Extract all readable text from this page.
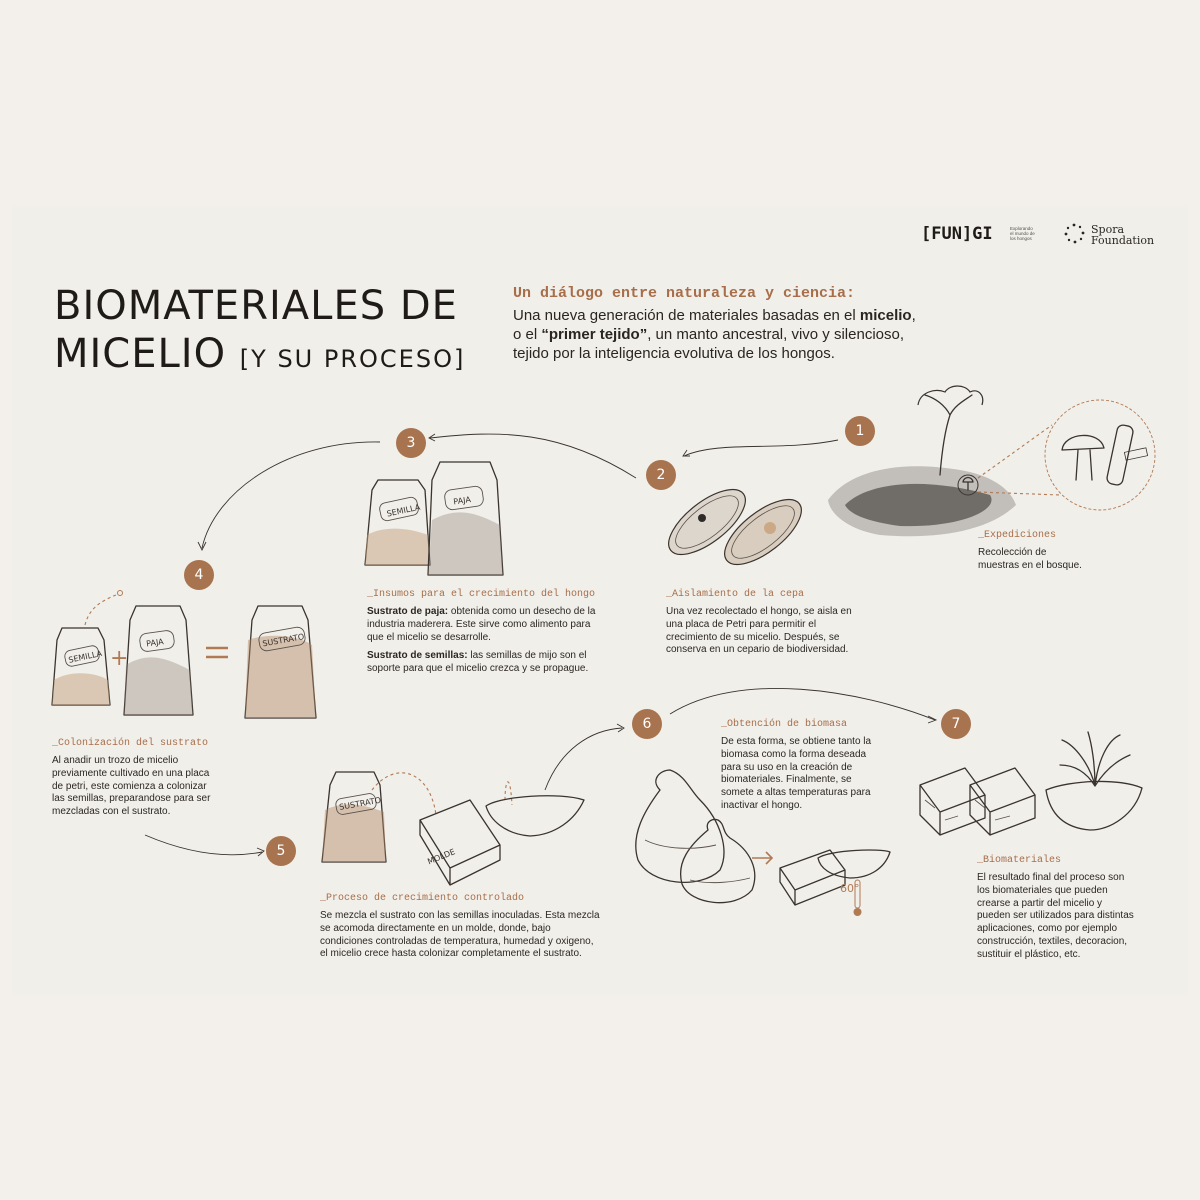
[FUN]GI	Explorando
el mundo de
los hongos
Spora
Foundation
BIOMATERIALES DE
MICELIO [Y SU PROCESO]
Un diálogo entre naturaleza y ciencia:
Una nueva generación de materiales basadas en el micelio,
o el “primer tejido”, un manto ancestral, vivo y silencioso,
tejido por la inteligencia evolutiva de los hongos.
SEMILLA
PAJA
SEMILLA +
PAJA	SUSTRATO
SUSTRATO
MOLDE
60°
1
2
3
4
5
6	7
_Expediciones
Recolección de
muestras en el bosque.
_Aislamiento de la cepa
Una vez recolectado el hongo, se aisla en
una placa de Petri para permitir el
crecimiento de su micelio. Después, se
conserva en un cepario de biodiversidad.
_Insumos para el crecimiento del hongo

Sustrato de paja: obtenida como un desecho de la
industria maderera. Este sirve como alimento para
que el micelio se desarrolle.

Sustrato de semillas: las semillas de mijo son el
soporte para que el micelio crezca y se propague.

_Colonización del sustrato
Al anadir un trozo de micelio
previamente cultivado en una placa
de petri, este comienza a colonizar
las semillas, preparandose para ser
mezcladas con el sustrato.
_Proceso de crecimiento controlado
Se mezcla el sustrato con las semillas inoculadas. Esta mezcla
se acomoda directamente en un molde, donde, bajo
condiciones controladas de temperatura, humedad y oxigeno,
el micelio crece hasta colonizar completamente el sustrato.
_Obtención de biomasa
De esta forma, se obtiene tanto la
biomasa como la forma deseada
para su uso en la creación de
biomateriales. Finalmente, se
somete a altas temperaturas para
inactivar el hongo.
_Biomateriales
El resultado final del proceso son
los biomateriales que pueden
crearse a partir del micelio y
pueden ser utilizados para distintas
aplicaciones, como por ejemplo
construcción, textiles, decoracion,
sustituir el plástico, etc.
